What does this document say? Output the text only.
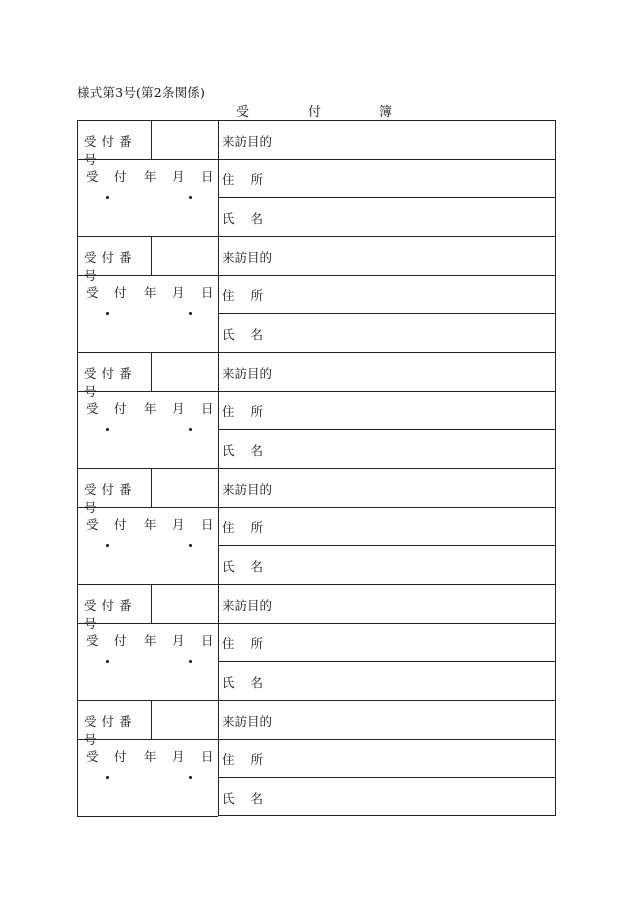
様式第3号(第2条関係)
受	付	簿
受付番号
来訪目的
受 付 年 月 日 住所
氏名
受付番号
来訪目的
受 付 年 月 日 住所
氏名
受付番号
来訪目的
受 付 年 月 日 住所
氏名
受付番号
来訪目的
受 付 年 月 日 住所
氏名
受付番号
来訪目的
受 付 年 月 日 住所
氏名
受付番号
来訪目的
受 付 年 月 日 住所
氏名
